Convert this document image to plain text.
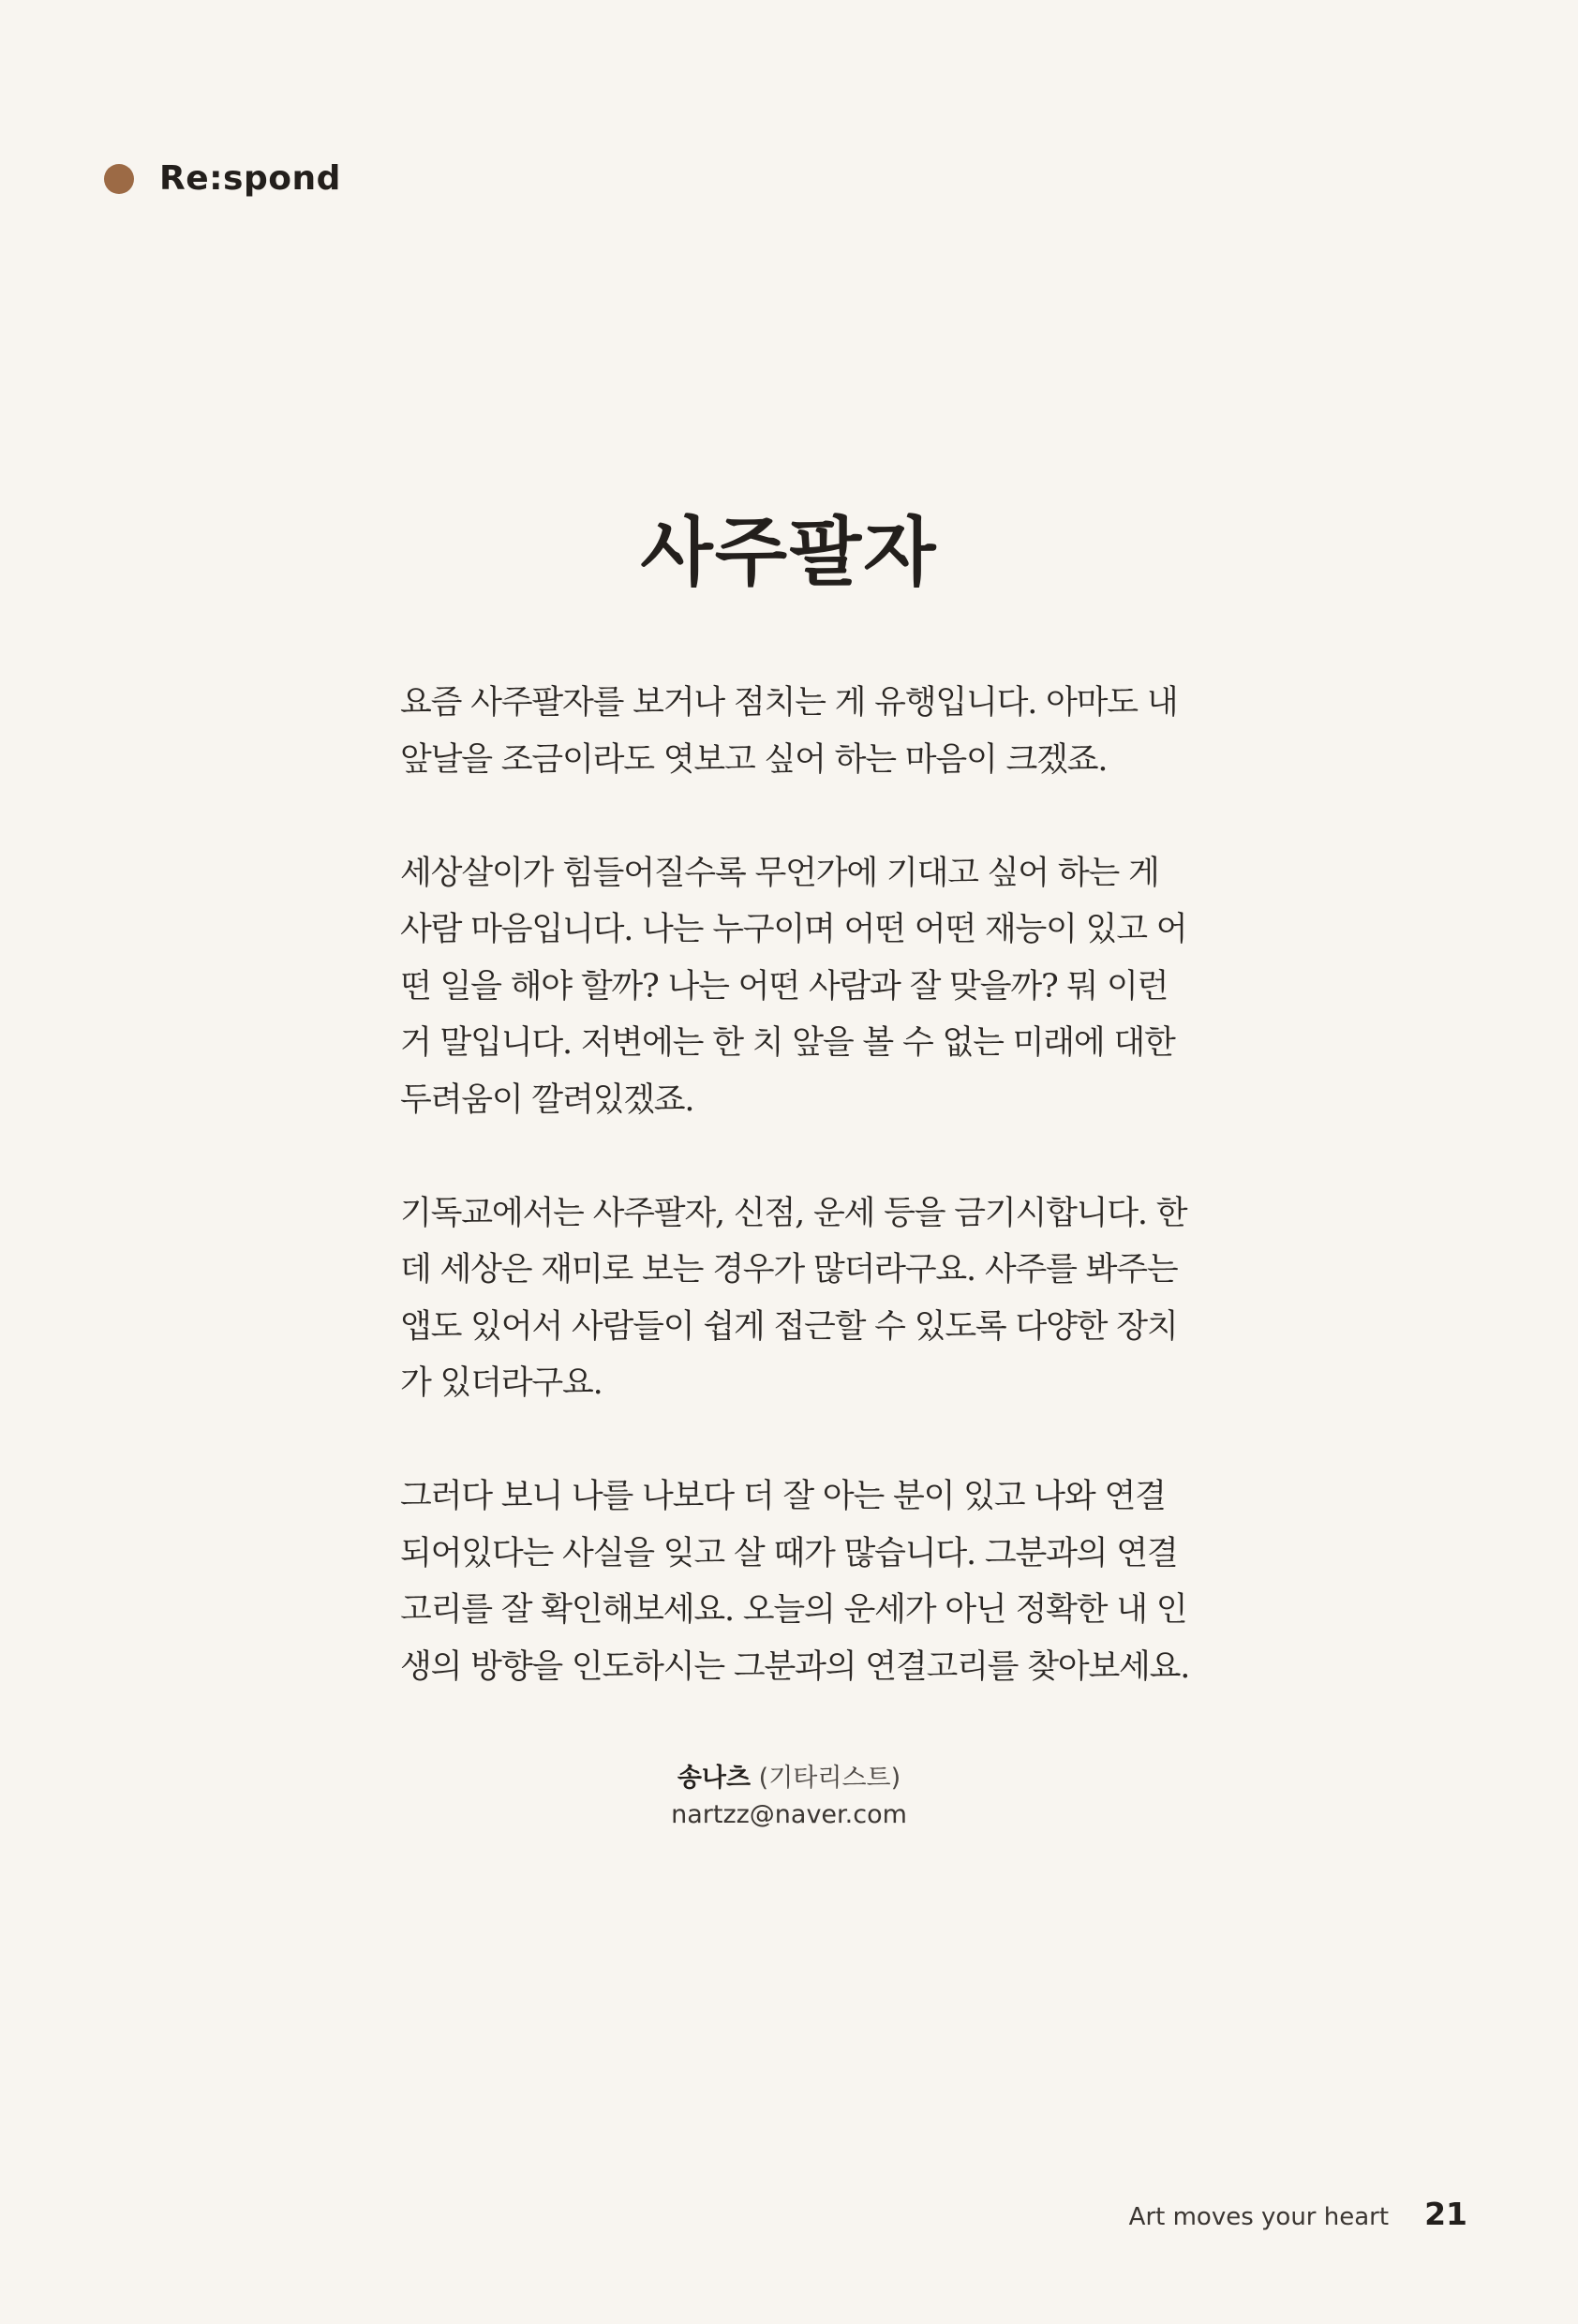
Re:spond
사주팔자

요즘 사주팔자를 보거나 점치는 게 유행입니다. 아마도 내
앞날을 조금이라도 엿보고 싶어 하는 마음이 크겠죠.

세상살이가 힘들어질수록 무언가에 기대고 싶어 하는 게
사람 마음입니다. 나는 누구이며 어떤 어떤 재능이 있고 어
떤 일을 해야 할까? 나는 어떤 사람과 잘 맞을까? 뭐 이런
거 말입니다. 저변에는 한 치 앞을 볼 수 없는 미래에 대한
두려움이 깔려있겠죠.

기독교에서는 사주팔자, 신점, 운세 등을 금기시합니다. 한
데 세상은 재미로 보는 경우가 많더라구요. 사주를 봐주는
앱도 있어서 사람들이 쉽게 접근할 수 있도록 다양한 장치
가 있더라구요.

그러다 보니 나를 나보다 더 잘 아는 분이 있고 나와 연결
되어있다는 사실을 잊고 살 때가 많습니다. 그분과의 연결
고리를 잘 확인해보세요. 오늘의 운세가 아닌 정확한 내 인
생의 방향을 인도하시는 그분과의 연결고리를 찾아보세요.

송나츠 (기타리스트)
nartzz@naver.com
Art moves your heart 21
